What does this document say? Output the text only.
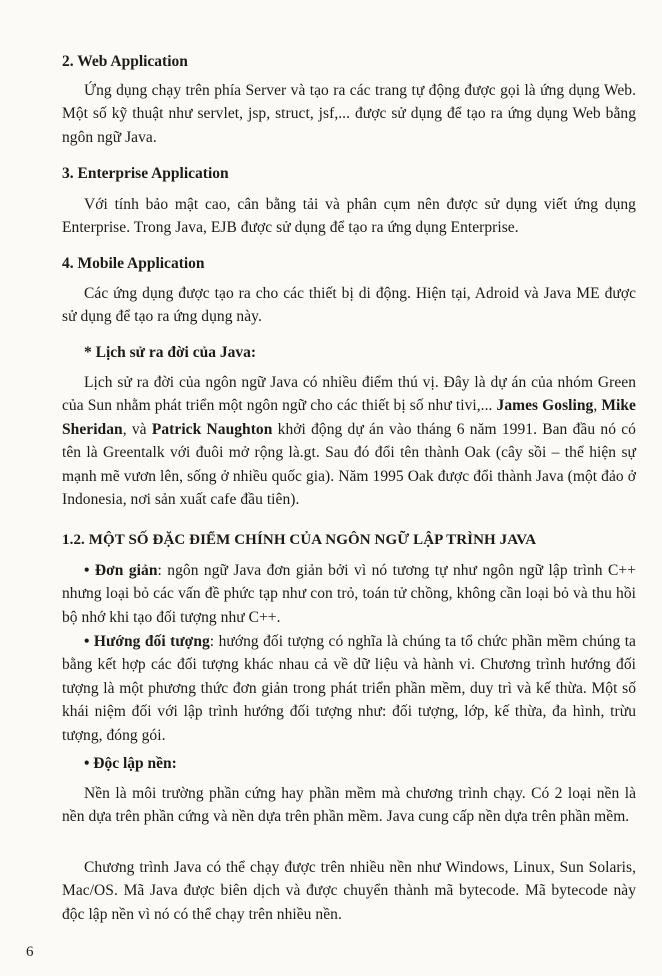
2. Web Application

Ứng dụng chạy trên phía Server và tạo ra các trang tự động được gọi là ứng dụng Web. Một số kỹ thuật như servlet, jsp, struct, jsf,... được sử dụng để tạo ra ứng dụng Web bằng ngôn ngữ Java.

3. Enterprise Application

Với tính bảo mật cao, cân bằng tải và phân cụm nên được sử dụng viết ứng dụng Enterprise. Trong Java, EJB được sử dụng để tạo ra ứng dụng Enterprise.

4. Mobile Application

Các ứng dụng được tạo ra cho các thiết bị di động. Hiện tại, Adroid và Java ME được sử dụng để tạo ra ứng dụng này.

* Lịch sử ra đời của Java:

Lịch sử ra đời của ngôn ngữ Java có nhiều điểm thú vị. Đây là dự án của nhóm Green của Sun nhằm phát triển một ngôn ngữ cho các thiết bị số như tivi,... James Gosling, Mike Sheridan, và Patrick Naughton khởi động dự án vào tháng 6 năm 1991. Ban đầu nó có tên là Greentalk với đuôi mở rộng là.gt. Sau đó đổi tên thành Oak (cây sồi – thể hiện sự mạnh mẽ vươn lên, sống ở nhiều quốc gia). Năm 1995 Oak được đổi thành Java (một đảo ở Indonesia, nơi sản xuất cafe đầu tiên).

1.2. MỘT SỐ ĐẶC ĐIỂM CHÍNH CỦA NGÔN NGỮ LẬP TRÌNH JAVA

• Đơn giản: ngôn ngữ Java đơn giản bởi vì nó tương tự như ngôn ngữ lập trình C++ nhưng loại bỏ các vấn đề phức tạp như con trỏ, toán tử chồng, không cần loại bỏ và thu hồi bộ nhớ khi tạo đối tượng như C++.

• Hướng đối tượng: hướng đối tượng có nghĩa là chúng ta tổ chức phần mềm chúng ta bằng kết hợp các đối tượng khác nhau cả về dữ liệu và hành vi. Chương trình hướng đối tượng là một phương thức đơn giản trong phát triển phần mềm, duy trì và kế thừa. Một số khái niệm đối với lập trình hướng đối tượng như: đối tượng, lớp, kế thừa, đa hình, trừu tượng, đóng gói.

• Độc lập nền:

Nền là môi trường phần cứng hay phần mềm mà chương trình chạy. Có 2 loại nền là nền dựa trên phần cứng và nền dựa trên phần mềm. Java cung cấp nền dựa trên phần mềm.

Chương trình Java có thể chạy được trên nhiều nền như Windows, Linux, Sun Solaris, Mac/OS. Mã Java được biên dịch và được chuyển thành mã bytecode. Mã bytecode này độc lập nền vì nó có thể chạy trên nhiều nền.

6
